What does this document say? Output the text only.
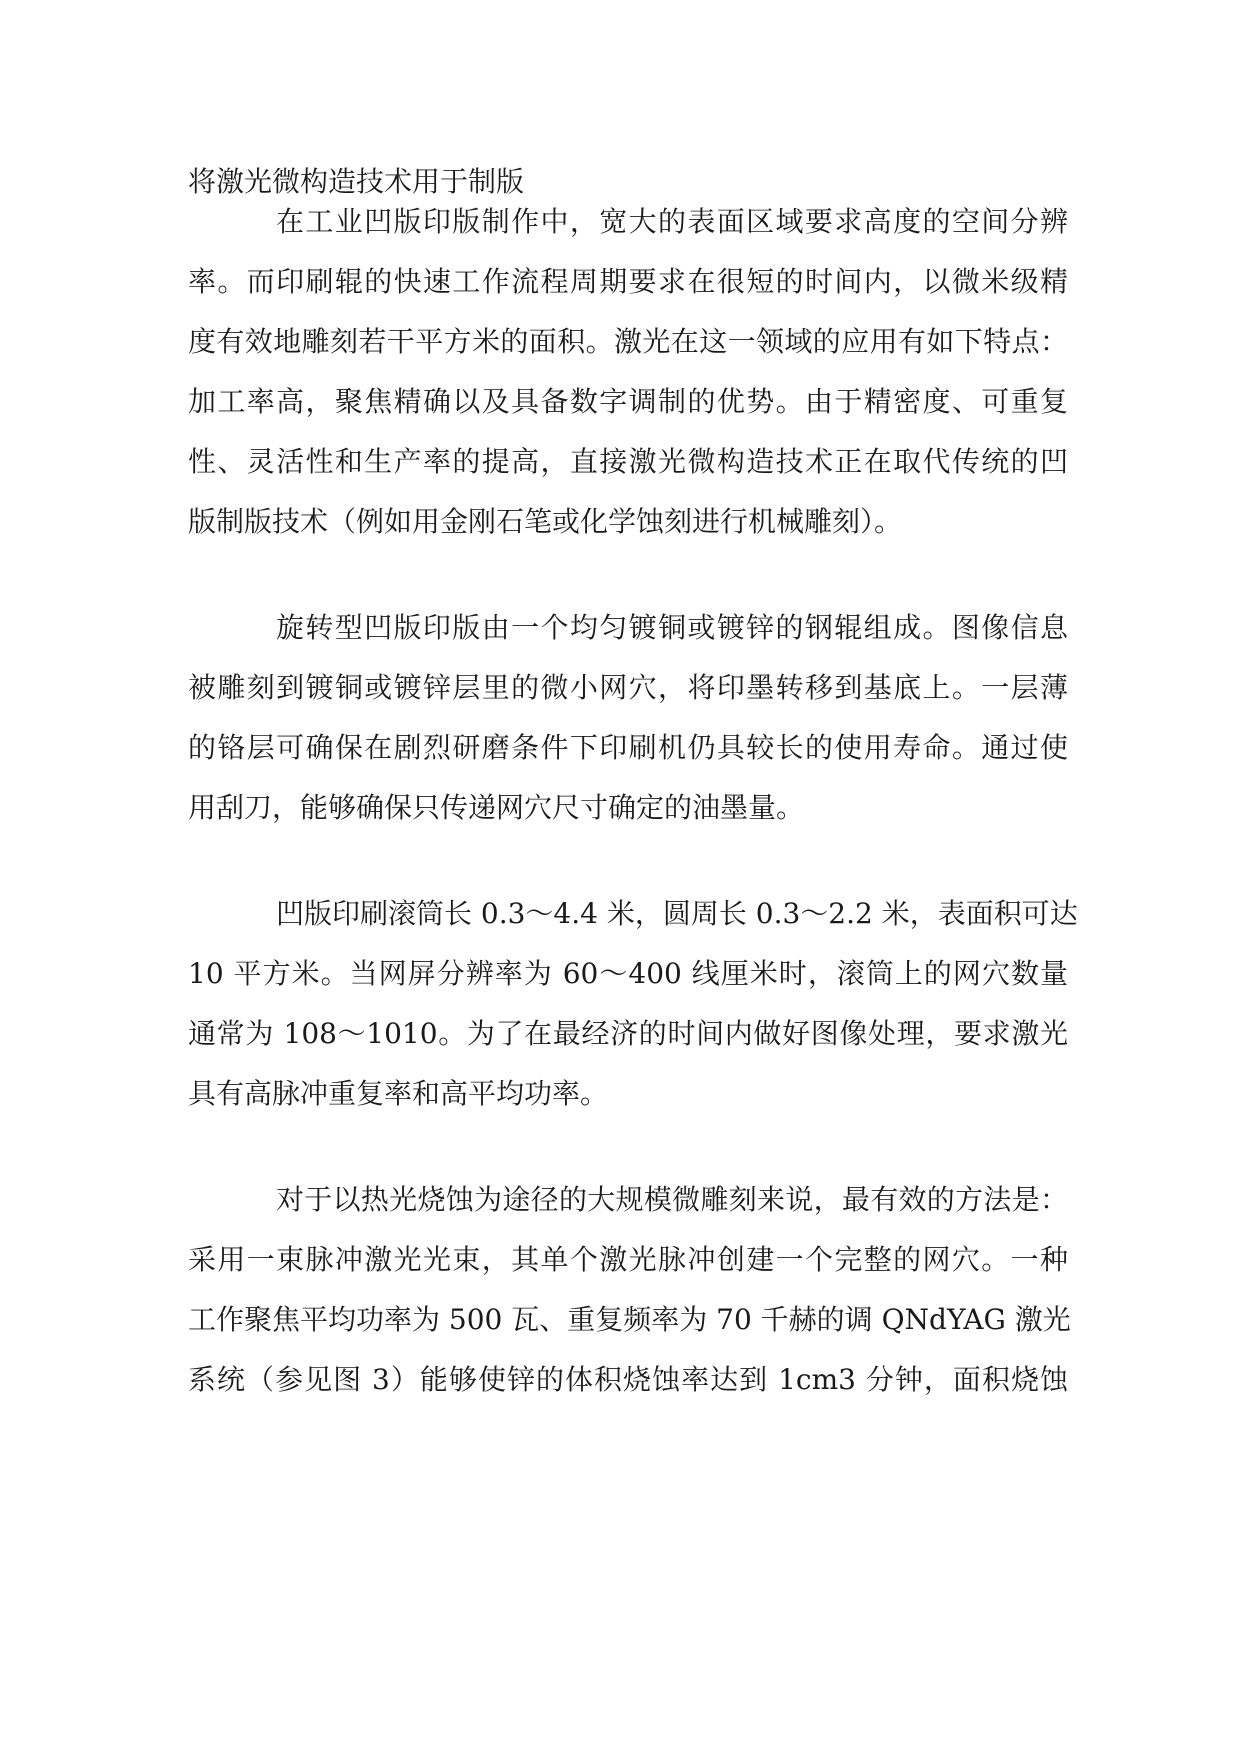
将激光微构造技术用于制版

在工业凹版印版制作中，宽大的表面区域要求高度的空间分辨

率。而印刷辊的快速工作流程周期要求在很短的时间内，以微米级精

度有效地雕刻若干平方米的面积。激光在这一领域的应用有如下特点：

加工率高，聚焦精确以及具备数字调制的优势。由于精密度、可重复

性、灵活性和生产率的提高，直接激光微构造技术正在取代传统的凹

版制版技术（例如用金刚石笔或化学蚀刻进行机械雕刻）。

旋转型凹版印版由一个均匀镀铜或镀锌的钢辊组成。图像信息

被雕刻到镀铜或镀锌层里的微小网穴，将印墨转移到基底上。一层薄

的铬层可确保在剧烈研磨条件下印刷机仍具较长的使用寿命。通过使

用刮刀，能够确保只传递网穴尺寸确定的油墨量。

凹版印刷滚筒长 0.3～4.4 米，圆周长 0.3～2.2 米，表面积可达

10 平方米。当网屏分辨率为 60～400 线厘米时，滚筒上的网穴数量

通常为 108～1010。为了在最经济的时间内做好图像处理，要求激光

具有高脉冲重复率和高平均功率。

对于以热光烧蚀为途径的大规模微雕刻来说，最有效的方法是：

采用一束脉冲激光光束，其单个激光脉冲创建一个完整的网穴。一种

工作聚焦平均功率为 500 瓦、重复频率为 70 千赫的调 QNdYAG 激光

系统（参见图 3）能够使锌的体积烧蚀率达到 1cm3 分钟，面积烧蚀
